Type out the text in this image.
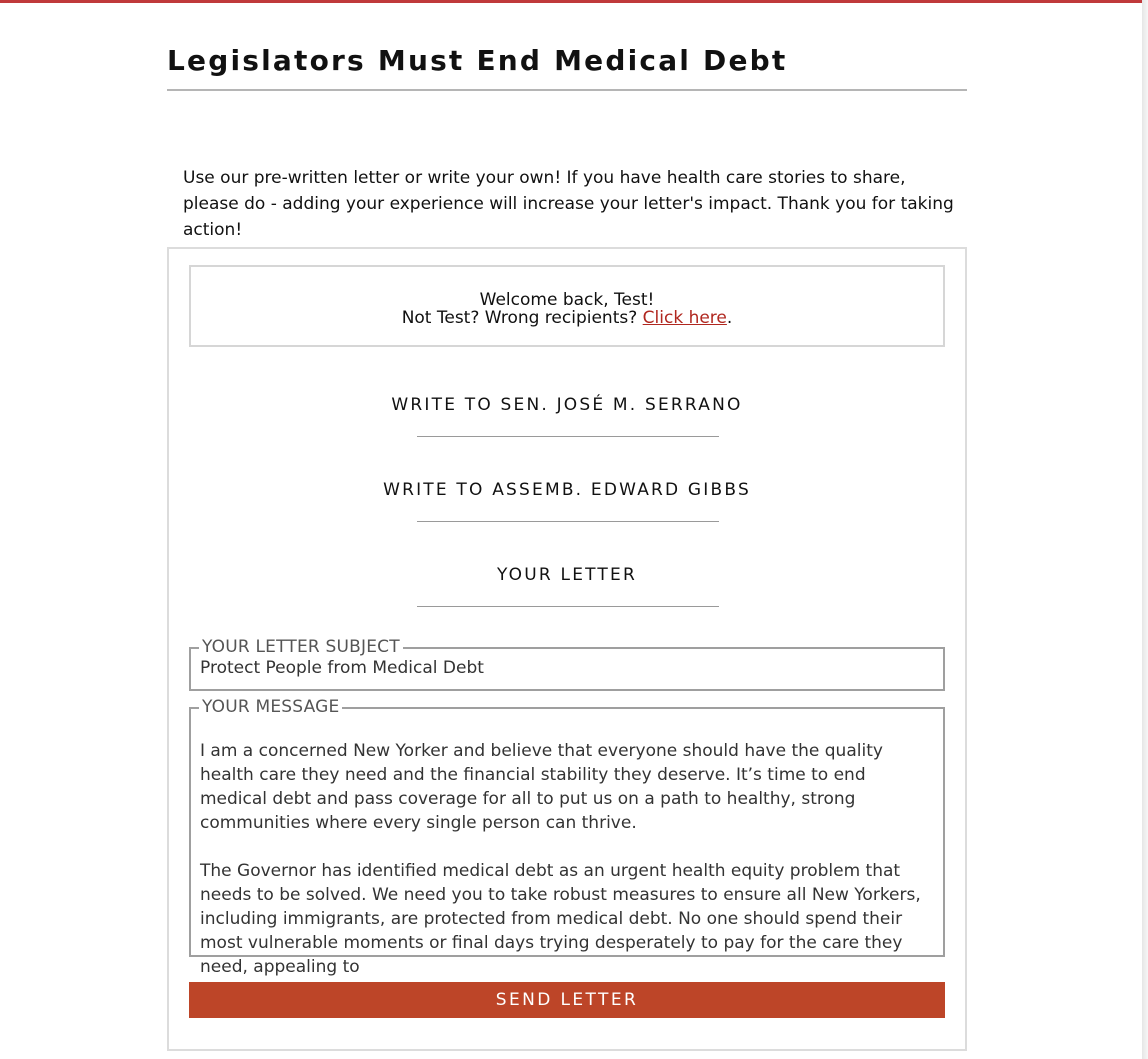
Legislators Must End Medical Debt

Use our pre-written letter or write your own! If you have health care stories to share, please do - adding your experience will increase your letter's impact. Thank you for taking action!

Welcome back, Test!
Not Test? Wrong recipients? Click here.
WRITE TO SEN. JOSÉ M. SERRANO
WRITE TO ASSEMB. EDWARD GIBBS
YOUR LETTER
YOUR LETTER SUBJECT
Protect People from Medical Debt
YOUR MESSAGE

I am a concerned New Yorker and believe that everyone should have the quality health care they need and the financial stability they deserve. It’s time to end medical debt and pass coverage for all to put us on a path to healthy, strong communities where every single person can thrive.

The Governor has identified medical debt as an urgent health equity problem that needs to be solved. We need you to take robust measures to ensure all New Yorkers, including immigrants, are protected from medical debt. No one should spend their most vulnerable moments or final days trying desperately to pay for the care they need, appealing to

SEND LETTER
